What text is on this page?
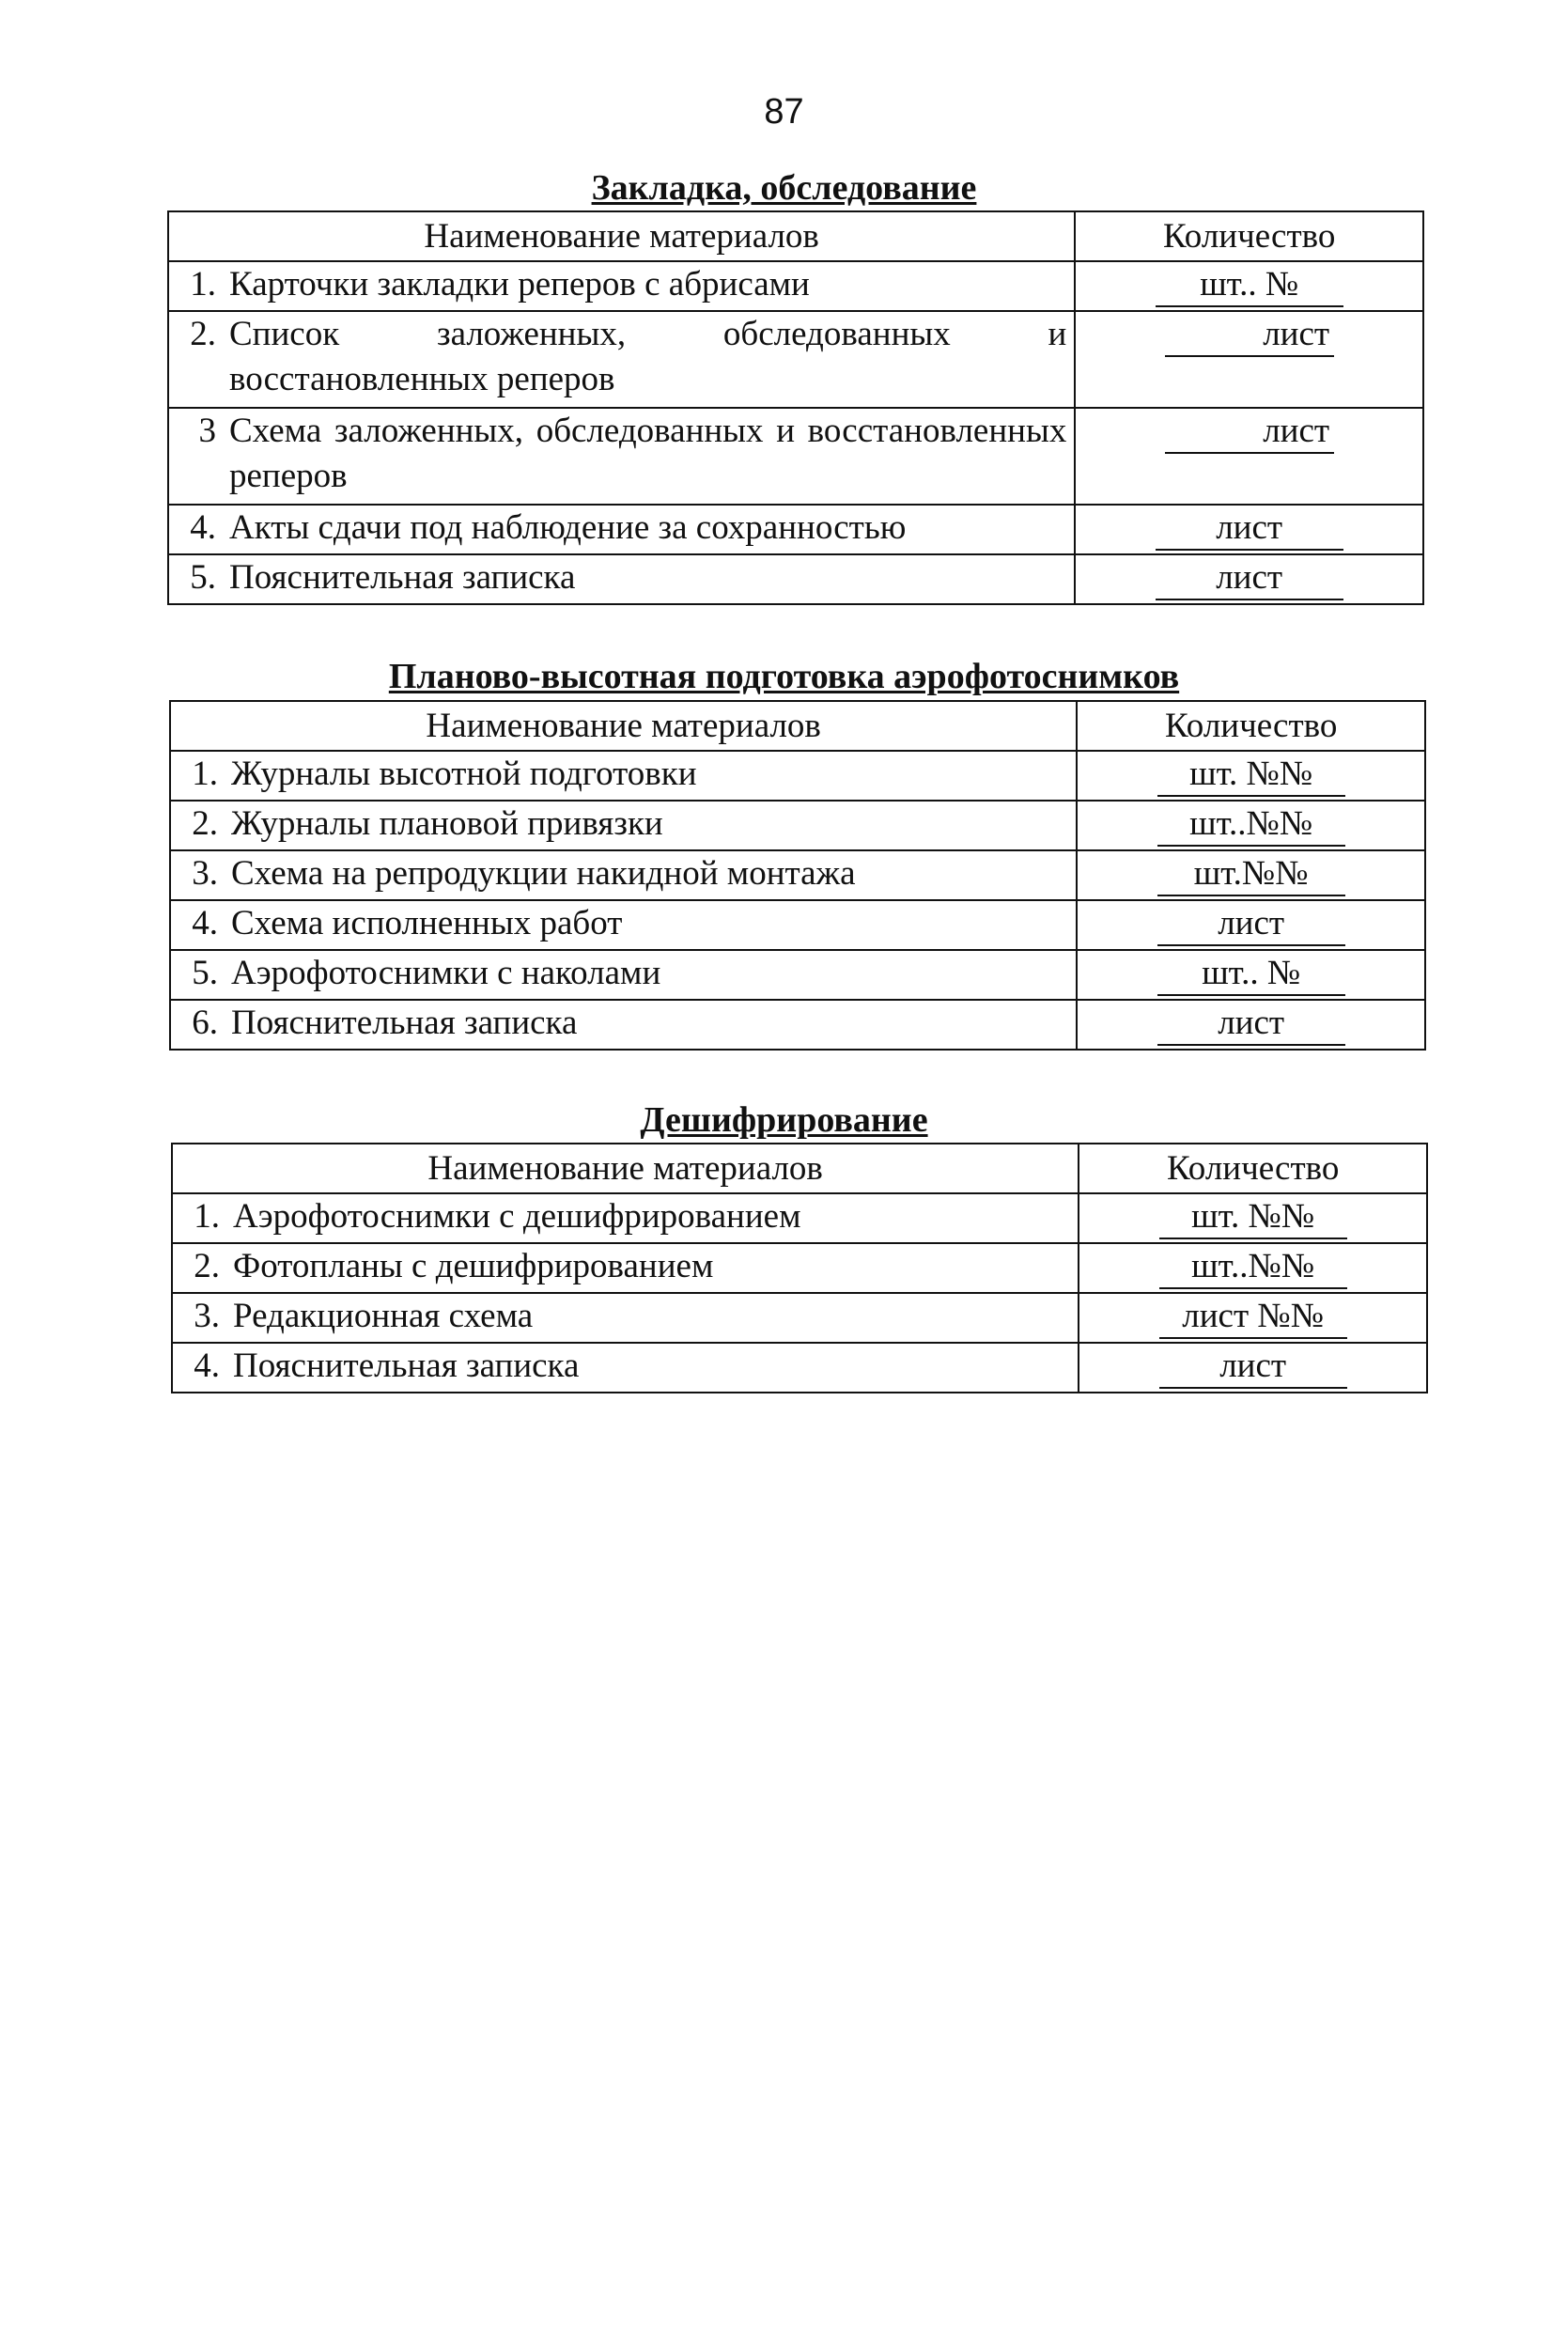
87
Закладка, обследование
Наименование материалов	Количество
1. Карточки закладки реперов с абрисами	шт.. №

2. Список заложенных, обследованных и восстановленных реперов	лист

3 Схема заложенных, обследованных и восстановленных реперов	лист
4. Акты сдачи под наблюдение за сохранностью	лист
5. Пояснительная записка	лист
Планово-высотная подготовка аэрофотоснимков
Наименование материалов	Количество
1. Журналы высотной подготовки	шт. №№
2. Журналы плановой привязки	шт..№№
3. Схема на репродукции накидной монтажа	шт.№№
4. Схема исполненных работ	лист
5. Аэрофотоснимки с наколами	шт.. №
6. Пояснительная записка	лист
Дешифрирование
Наименование материалов	Количество
1. Аэрофотоснимки с дешифрированием	шт. №№
2. Фотопланы с дешифрированием	шт..№№
3. Редакционная схема	лист №№
4. Пояснительная записка	лист
